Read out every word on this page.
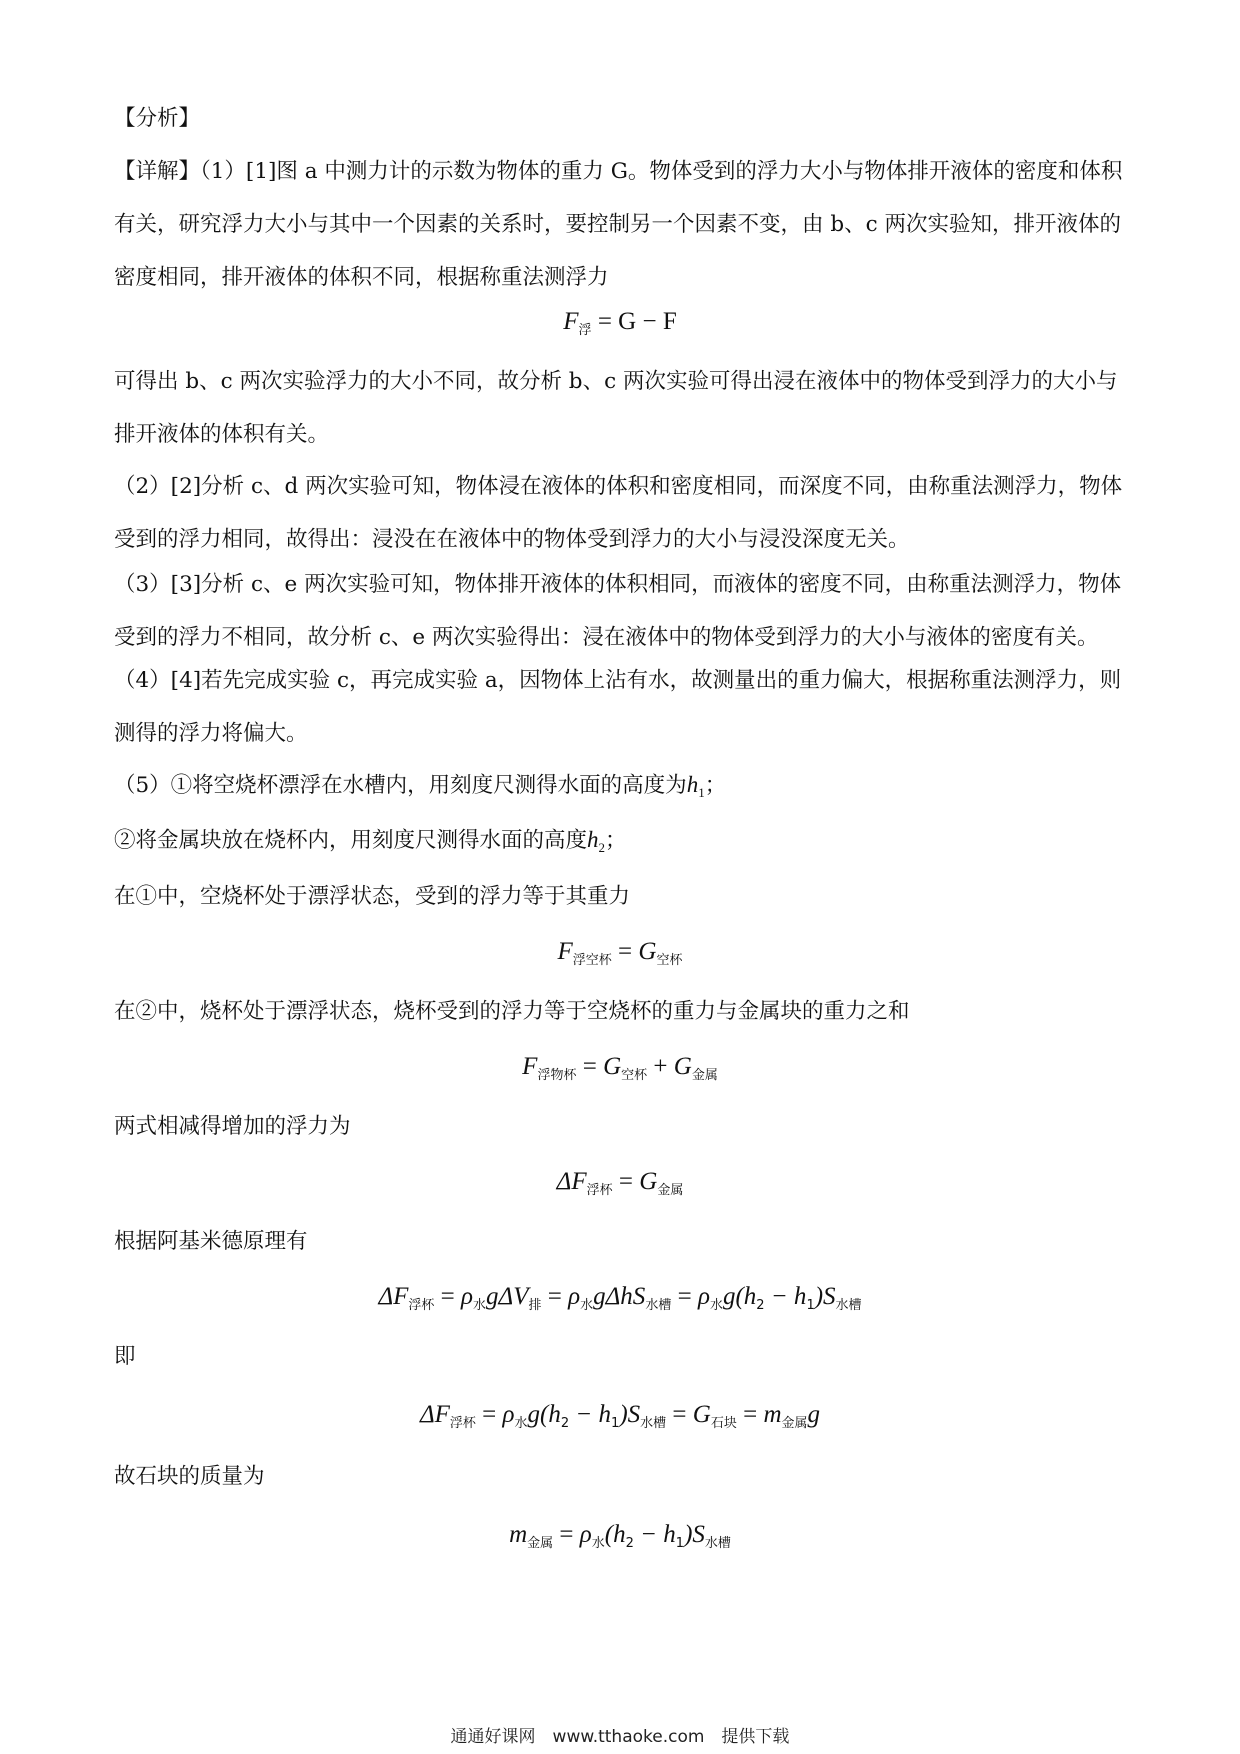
【分析】

【详解】（1）[1]图 a 中测力计的示数为物体的重力 G。物体受到的浮力大小与物体排开液体的密度和体积有关，研究浮力大小与其中一个因素的关系时，要控制另一个因素不变，由 b、c 两次实验知，排开液体的密度相同，排开液体的体积不同，根据称重法测浮力

$F_浮 = G - F$

可得出 b、c 两次实验浮力的大小不同，故分析 b、c 两次实验可得出浸在液体中的物体受到浮力的大小与排开液体的体积有关。

（2）[2]分析 c、d 两次实验可知，物体浸在液体的体积和密度相同，而深度不同，由称重法测浮力，物体受到的浮力相同，故得出：浸没在在液体中的物体受到浮力的大小与浸没深度无关。

（3）[3]分析 c、e 两次实验可知，物体排开液体的体积相同，而液体的密度不同，由称重法测浮力，物体受到的浮力不相同，故分析 c、e 两次实验得出：浸在液体中的物体受到浮力的大小与液体的密度有关。

（4）[4]若先完成实验 c，再完成实验 a，因物体上沾有水，故测量出的重力偏大，根据称重法测浮力，则测得的浮力将偏大。

（5）①将空烧杯漂浮在水槽内，用刻度尺测得水面的高度为$h_1$；

②将金属块放在烧杯内，用刻度尺测得水面的高度$h_2$；

在①中，空烧杯处于漂浮状态，受到的浮力等于其重力

$F_{浮空杯} = G_{空杯}$

在②中，烧杯处于漂浮状态，烧杯受到的浮力等于空烧杯的重力与金属块的重力之和

$F_{浮物杯} = G_{空杯} + G_{金属}$

两式相减得增加的浮力为

$\Delta F_{浮杯} = G_{金属}$

根据阿基米德原理有

$\Delta F_{浮杯} = \rho_水g\Delta V_排 = \rho_水g\Delta hS_{水槽} = \rho_水g(h_2 - h_1)S_{水槽}$

即

$\Delta F_{浮杯} = \rho_水g(h_2 - h_1)S_{水槽} = G_{石块} = m_{金属}g$

故石块的质量为

$m_{金属} = \rho_水(h_2 - h_1)S_{水槽}$
通通好课网　www.tthaoke.com　提供下载
